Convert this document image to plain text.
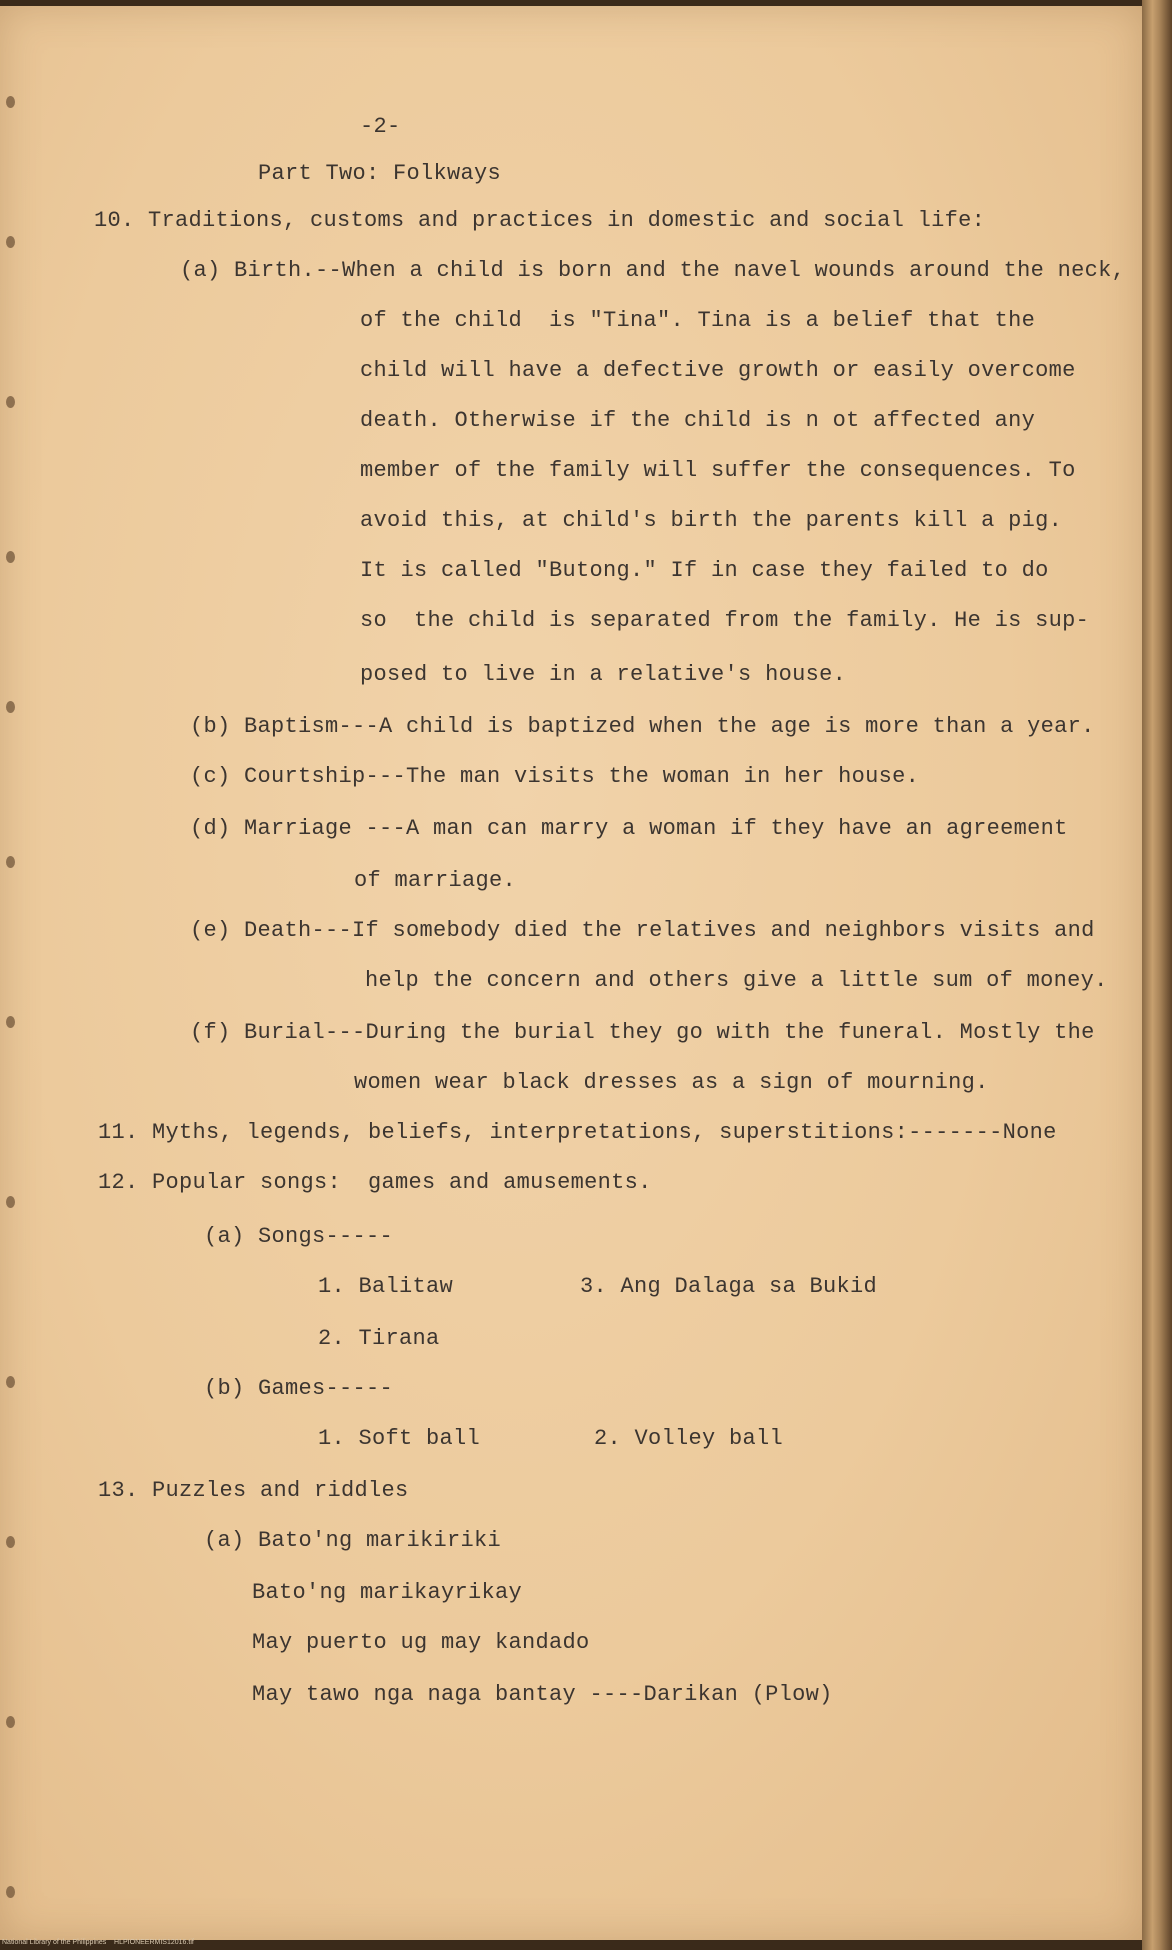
-2-
Part Two: Folkways
10. Traditions, customs and practices in domestic and social life:
(a) Birth.--When a child is born and the navel wounds around the neck,
of the child  is "Tina". Tina is a belief that the
child will have a defective growth or easily overcome
death. Otherwise if the child is n ot affected any
member of the family will suffer the consequences. To
avoid this, at child's birth the parents kill a pig.
It is called "Butong." If in case they failed to do
so  the child is separated from the family. He is sup-
posed to live in a relative's house.
(b) Baptism---A child is baptized when the age is more than a year.
(c) Courtship---The man visits the woman in her house.
(d) Marriage ---A man can marry a woman if they have an agreement
of marriage.
(e) Death---If somebody died the relatives and neighbors visits and
help the concern and others give a little sum of money.
(f) Burial---During the burial they go with the funeral. Mostly the
women wear black dresses as a sign of mourning.
11. Myths, legends, beliefs, interpretations, superstitions:-------None
12. Popular songs:  games and amusements.
(a) Songs-----
1. Balitaw	3. Ang Dalaga sa Bukid
2. Tirana
(b) Games-----
1. Soft ball	2. Volley ball
13. Puzzles and riddles
(a) Bato'ng marikiriki
Bato'ng marikayrikay
May puerto ug may kandado
May tawo nga naga bantay ----Darikan (Plow)
National Library of the Philippines    HLPIONEERMIS12016.tif
